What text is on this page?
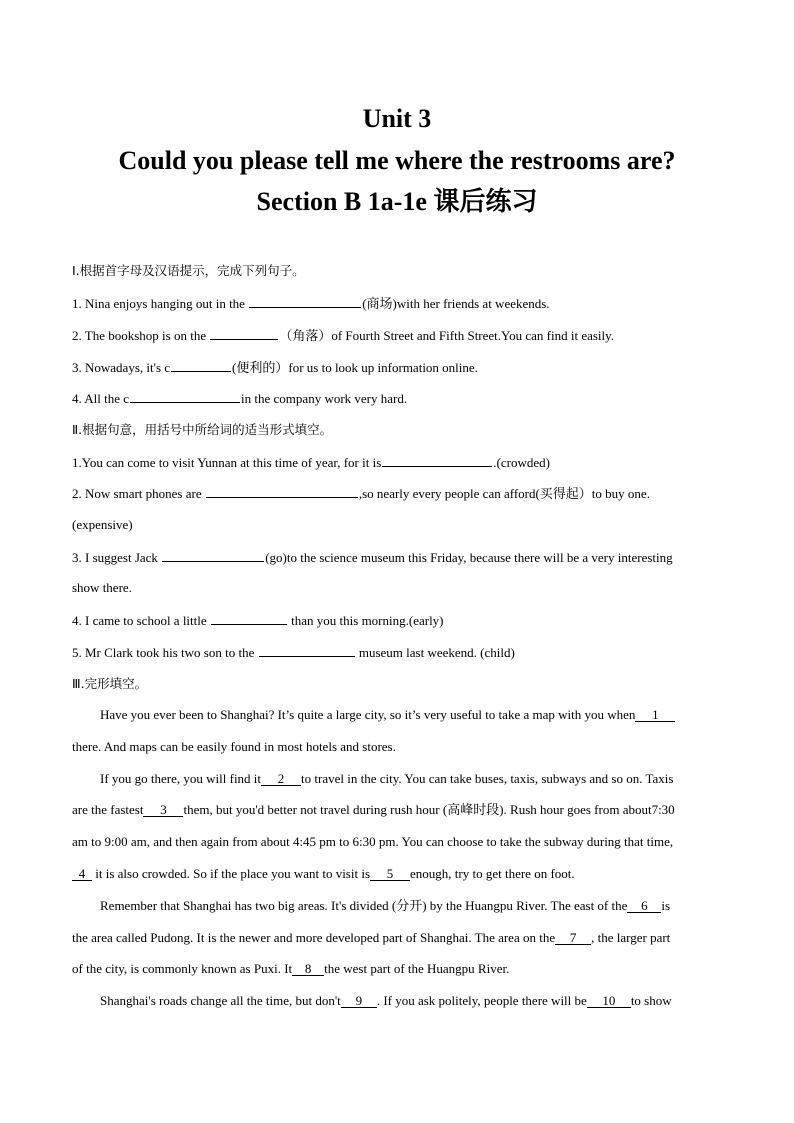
Unit 3
Could you please tell me where the restrooms are?
Section B 1a-1e 课后练习
Ⅰ.根据首字母及汉语提示，完成下列句子。
1. Nina enjoys hanging out in the	(商场)with her friends at weekends.
2. The bookshop is on the	（角落）of Fourth Street and Fifth Street.You can find it easily.
3. Nowadays, it's c	(便利的）for us to look up information online.
4. All the c	in the company work very hard.
Ⅱ.根据句意，用括号中所给词的适当形式填空。
1.You can come to visit Yunnan at this time of year, for it is	.(crowded)
2. Now smart phones are	,so nearly every people can afford(买得起）to buy one.
(expensive)
3. I suggest Jack	(go)to the science museum this Friday, because there will be a very interesting
show there.
4. I came to school a little	than you this morning.(early)
5. Mr Clark took his two son to the	museum last weekend. (child)
Ⅲ.完形填空。
Have you ever been to Shanghai? It’s quite a large city, so it’s very useful to take a map with you when 1
there. And maps can be easily found in most hotels and stores.
If you go there, you will find it 2 to travel in the city. You can take buses, taxis, subways and so on. Taxis
are the fastest 3 them, but you'd better not travel during rush hour (高峰时段). Rush hour goes from about7:30
am to 9:00 am, and then again from about 4:45 pm to 6:30 pm. You can choose to take the subway during that time,
4 it is also crowded. So if the place you want to visit is 5 enough, try to get there on foot.
Remember that Shanghai has two big areas. It's divided (分开) by the Huangpu River. The east of the 6 is
the area called Pudong. It is the newer and more developed part of Shanghai. The area on the 7 , the larger part
of the city, is commonly known as Puxi. It 8 the west part of the Huangpu River.
Shanghai's roads change all the time, but don't 9 . If you ask politely, people there will be 10 to show
